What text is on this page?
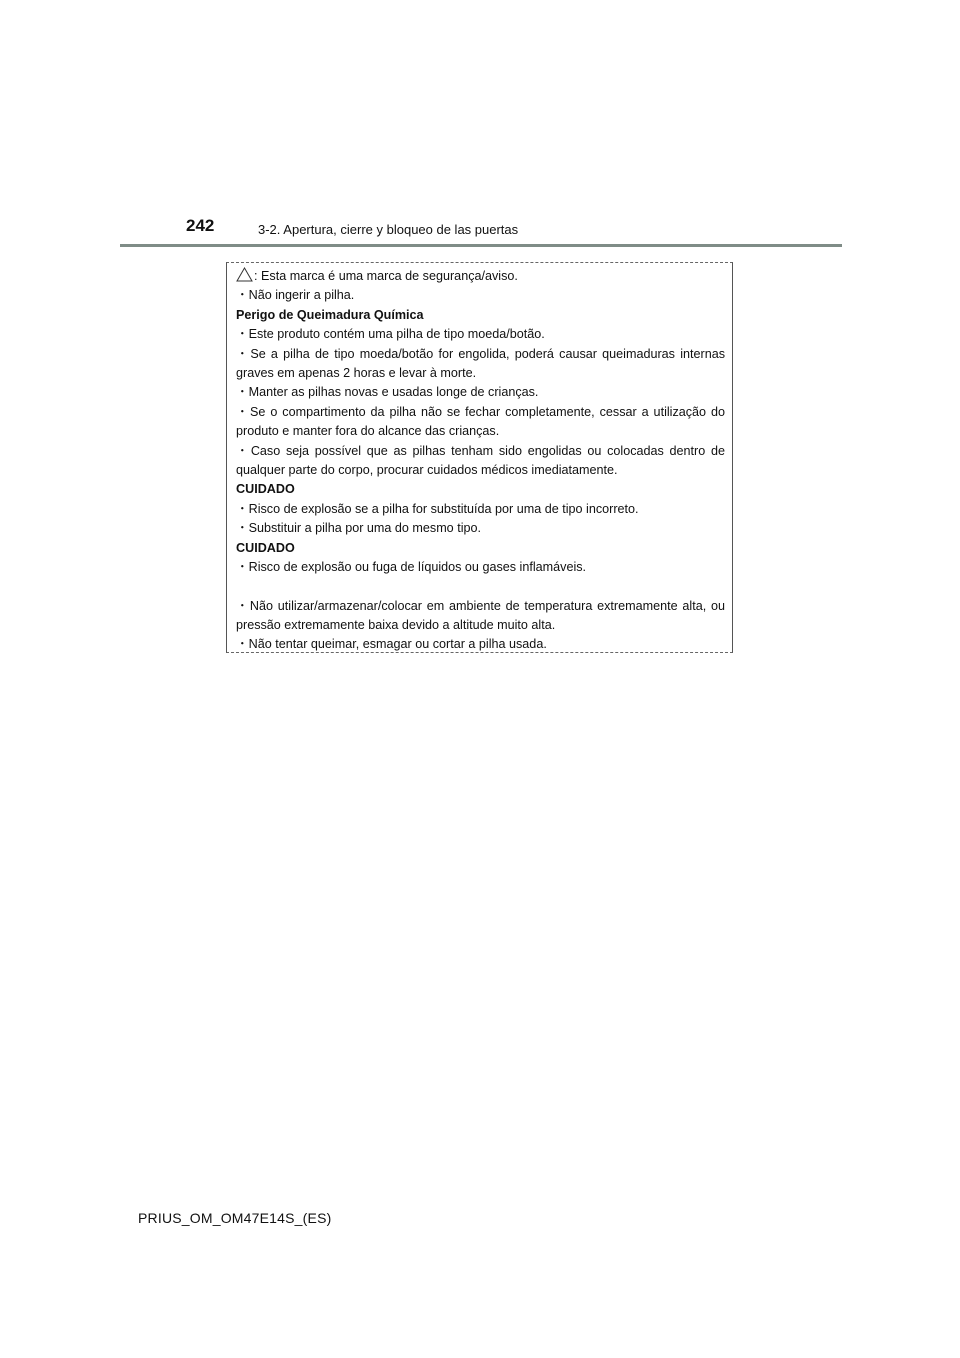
242	3-2. Apertura, cierre y bloqueo de las puertas

: Esta marca é uma marca de segurança/aviso.

・Não ingerir a pilha.

Perigo de Queimadura Química

・Este produto contém uma pilha de tipo moeda/botão.

・Se a pilha de tipo moeda/botão for engolida, poderá causar queimaduras internas graves em apenas 2 horas e levar à morte.

・Manter as pilhas novas e usadas longe de crianças.

・Se o compartimento da pilha não se fechar completamente, cessar a utilização do produto e manter fora do alcance das crianças.

・Caso seja possível que as pilhas tenham sido engolidas ou colocadas dentro de qualquer parte do corpo, procurar cuidados médicos imediatamente.

CUIDADO

・Risco de explosão se a pilha for substituída por uma de tipo incorreto.

・Substituir a pilha por uma do mesmo tipo.

CUIDADO

・Risco de explosão ou fuga de líquidos ou gases inflamáveis.

・Não utilizar/armazenar/colocar em ambiente de temperatura extremamente alta, ou pressão extremamente baixa devido a altitude muito alta.

・Não tentar queimar, esmagar ou cortar a pilha usada.

PRIUS_OM_OM47E14S_(ES)
